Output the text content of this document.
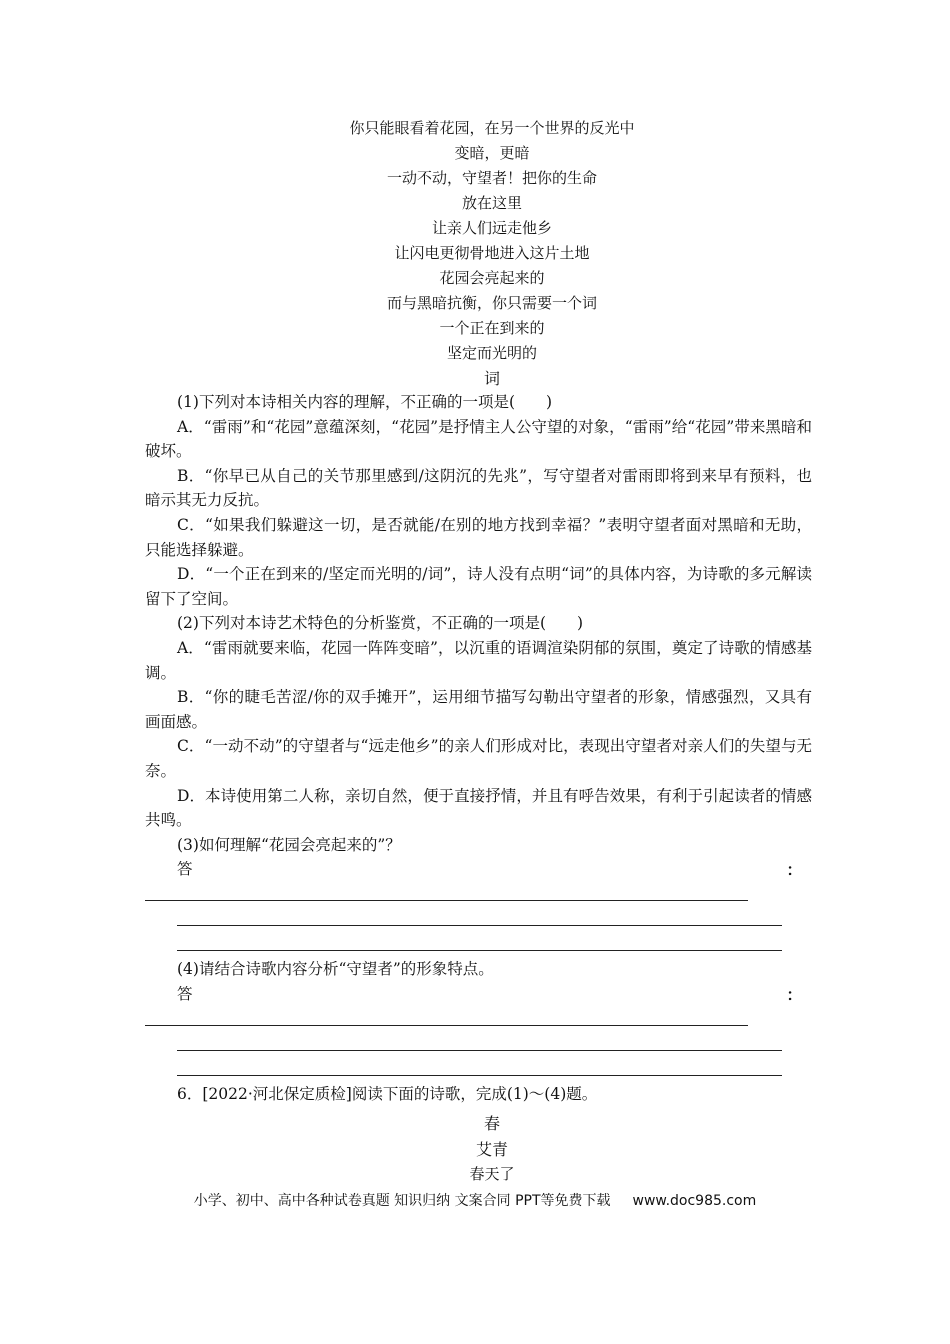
你只能眼看着花园，在另一个世界的反光中
变暗，更暗
一动不动，守望者！把你的生命
放在这里
让亲人们远走他乡
让闪电更彻骨地进入这片土地
花园会亮起来的
而与黑暗抗衡，你只需要一个词
一个正在到来的
坚定而光明的
词

(1)下列对本诗相关内容的理解，不正确的一项是(　　)

A．“雷雨”和“花园”意蕴深刻，“花园”是抒情主人公守望的对象，“雷雨”给“花园”带来黑暗和破坏。

B．“你早已从自己的关节那里感到/这阴沉的先兆”，写守望者对雷雨即将到来早有预料，也暗示其无力反抗。

C．“如果我们躲避这一切，是否就能/在别的地方找到幸福？”表明守望者面对黑暗和无助，只能选择躲避。

D．“一个正在到来的/坚定而光明的/词”，诗人没有点明“词”的具体内容，为诗歌的多元解读留下了空间。

(2)下列对本诗艺术特色的分析鉴赏，不正确的一项是(　　)

A．“雷雨就要来临，花园一阵阵变暗”，以沉重的语调渲染阴郁的氛围，奠定了诗歌的情感基调。

B．“你的睫毛苦涩/你的双手摊开”，运用细节描写勾勒出守望者的形象，情感强烈，又具有画面感。

C．“一动不动”的守望者与“远走他乡”的亲人们形成对比，表现出守望者对亲人们的失望与无奈。

D．本诗使用第二人称，亲切自然，便于直接抒情，并且有呼告效果，有利于引起读者的情感共鸣。

(3)如何理解“花园会亮起来的”？

答	：

(4)请结合诗歌内容分析“守望者”的形象特点。

答	：

6．[2022·河北保定质检]阅读下面的诗歌，完成(1)～(4)题。

春
艾青
春天了
小学、初中、高中各种试卷真题 知识归纳 文案合同 PPT等免费下载 www.doc985.com
